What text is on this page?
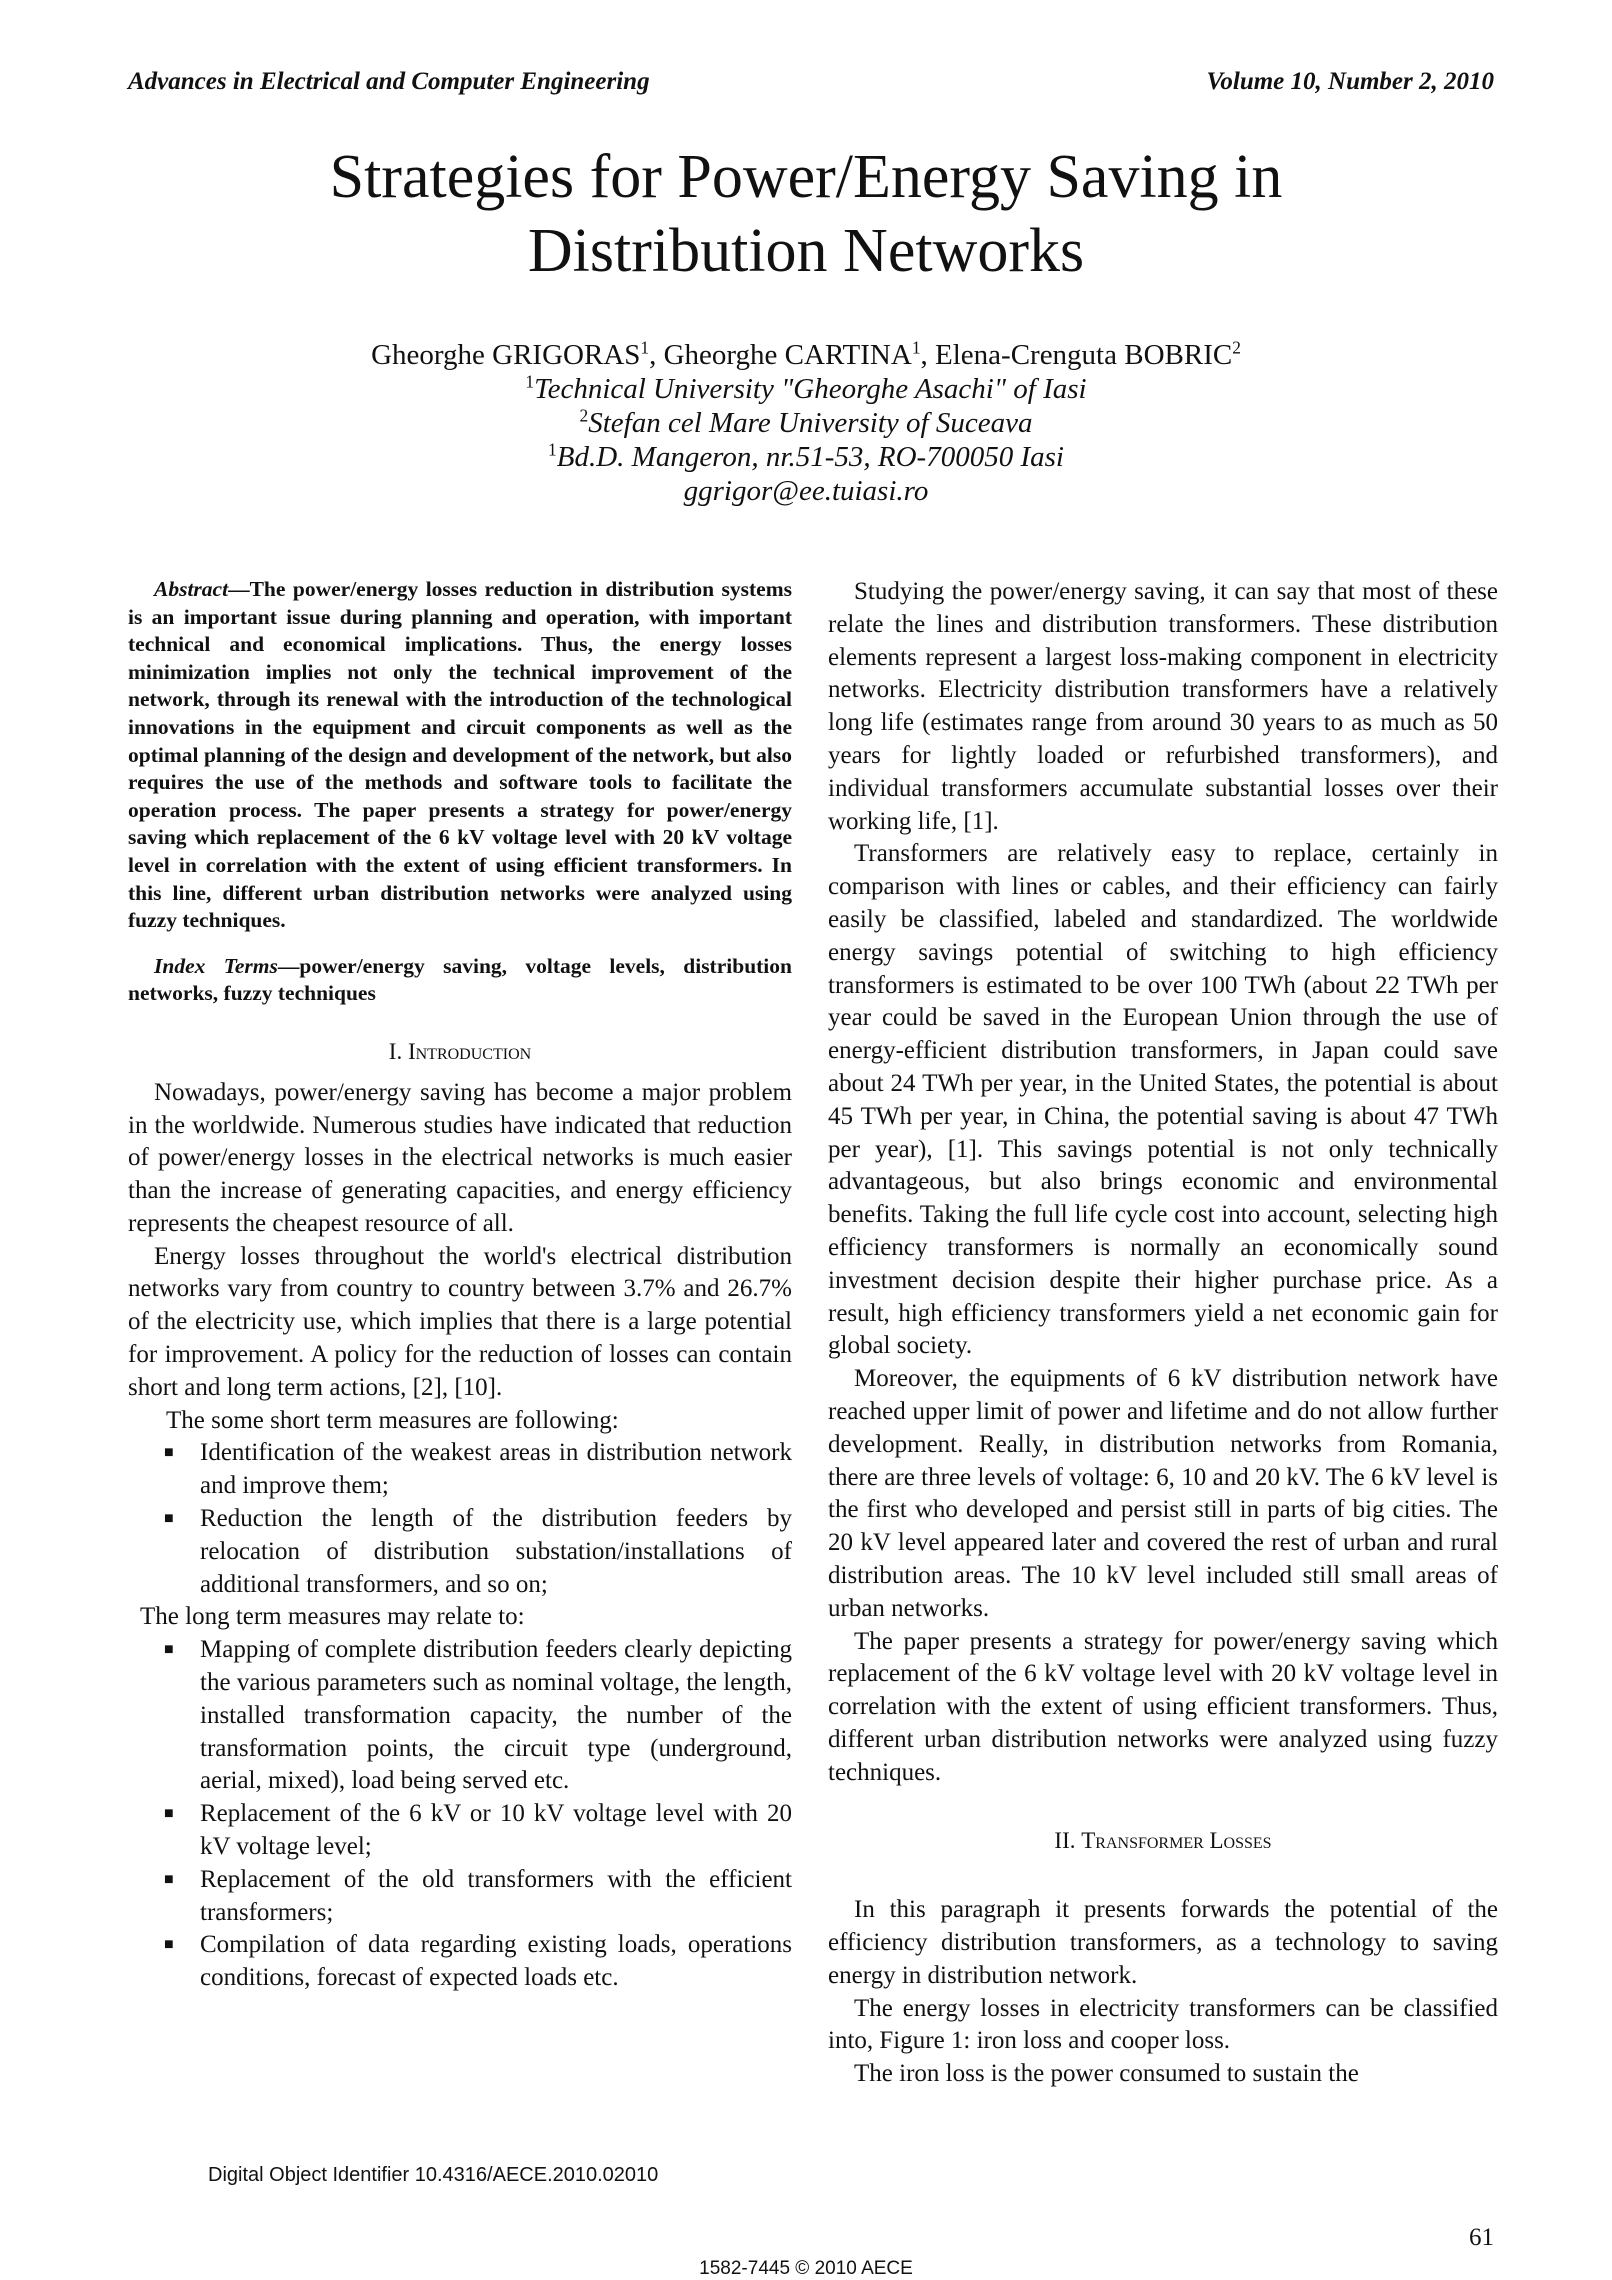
Advances in Electrical and Computer Engineering	Volume 10, Number 2, 2010
Strategies for Power/Energy Saving in
Distribution Networks
Gheorghe GRIGORAS$^1$, Gheorghe CARTINA$^1$, Elena-Crenguta BOBRIC$^2$
$^1$Technical University "Gheorghe Asachi" of Iasi
$^2$Stefan cel Mare University of Suceava
$^1$Bd.D. Mangeron, nr.51-53, RO-700050 Iasi
ggrigor@ee.tuiasi.ro
Abstract—The power/energy losses reduction in distribution systems is an important issue during planning and operation, with important technical and economical implications. Thus, the energy losses minimization implies not only the technical improvement of the network, through its renewal with the introduction of the technological innovations in the equipment and circuit components as well as the optimal planning of the design and development of the network, but also requires the use of the methods and software tools to facilitate the operation process. The paper presents a strategy for power/energy saving which replacement of the 6 kV voltage level with 20 kV voltage level in correlation with the extent of using efficient transformers. In this line, different urban distribution networks were analyzed using fuzzy techniques.
Index Terms—power/energy saving, voltage levels, distribution networks, fuzzy techniques
I. Introduction

Nowadays, power/energy saving has become a major problem in the worldwide. Numerous studies have indicated that reduction of power/energy losses in the electrical networks is much easier than the increase of generating capacities, and energy efficiency represents the cheapest resource of all.

Energy losses throughout the world's electrical distribution networks vary from country to country between 3.7% and 26.7% of the electricity use, which implies that there is a large potential for improvement. A policy for the reduction of losses can contain short and long term actions, [2], [10].

The some short term measures are following:

■ Identification of the weakest areas in distribution network and improve them;
■ Reduction the length of the distribution feeders by relocation of distribution substation/installations of additional transformers, and so on;

The long term measures may relate to:

■ Mapping of complete distribution feeders clearly depicting the various parameters such as nominal voltage, the length, installed transformation capacity, the number of the transformation points, the circuit type (underground, aerial, mixed), load being served etc.
■ Replacement of the 6 kV or 10 kV voltage level with 20 kV voltage level;
■ Replacement of the old transformers with the efficient transformers;
■ Compilation of data regarding existing loads, operations conditions, forecast of expected loads etc.

Studying the power/energy saving, it can say that most of these relate the lines and distribution transformers. These distribution elements represent a largest loss-making component in electricity networks. Electricity distribution transformers have a relatively long life (estimates range from around 30 years to as much as 50 years for lightly loaded or refurbished transformers), and individual transformers accumulate substantial losses over their working life, [1].

Transformers are relatively easy to replace, certainly in comparison with lines or cables, and their efficiency can fairly easily be classified, labeled and standardized. The worldwide energy savings potential of switching to high efficiency transformers is estimated to be over 100 TWh (about 22 TWh per year could be saved in the European Union through the use of energy-efficient distribution transformers, in Japan could save about 24 TWh per year, in the United States, the potential is about 45 TWh per year, in China, the potential saving is about 47 TWh per year), [1]. This savings potential is not only technically advantageous, but also brings economic and environmental benefits. Taking the full life cycle cost into account, selecting high efficiency transformers is normally an economically sound investment decision despite their higher purchase price. As a result, high efficiency transformers yield a net economic gain for global society.

Moreover, the equipments of 6 kV distribution network have reached upper limit of power and lifetime and do not allow further development. Really, in distribution networks from Romania, there are three levels of voltage: 6, 10 and 20 kV. The 6 kV level is the first who developed and persist still in parts of big cities. The 20 kV level appeared later and covered the rest of urban and rural distribution areas. The 10 kV level included still small areas of urban networks.

The paper presents a strategy for power/energy saving which replacement of the 6 kV voltage level with 20 kV voltage level in correlation with the extent of using efficient transformers. Thus, different urban distribution networks were analyzed using fuzzy techniques.

II. Transformer Losses

In this paragraph it presents forwards the potential of the efficiency distribution transformers, as a technology to saving energy in distribution network.

The energy losses in electricity transformers can be classified into, Figure 1: iron loss and cooper loss.

The iron loss is the power consumed to sustain the

Digital Object Identifier 10.4316/AECE.2010.02010
61
1582-7445 © 2010 AECE
